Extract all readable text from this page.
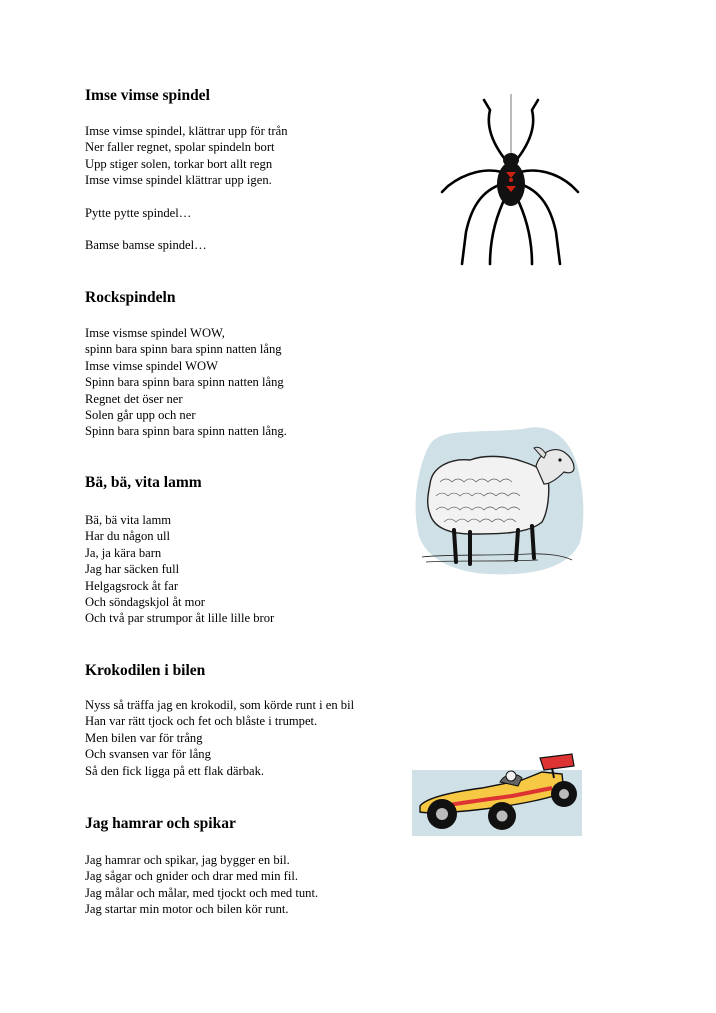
Imse vimse spindel
Imse vimse spindel, klättrar upp för trån
Ner faller regnet, spolar spindeln bort
Upp stiger solen, torkar bort allt regn
Imse vimse spindel klättrar upp igen.
Pytte pytte spindel…
Bamse bamse spindel…
Rockspindeln
Imse vismse spindel WOW,
spinn bara spinn bara spinn natten lång
Imse vimse spindel WOW
Spinn bara spinn bara spinn natten lång
Regnet det öser ner
Solen går upp och ner
Spinn bara spinn bara spinn natten lång.
Bä, bä, vita lamm
Bä, bä vita lamm
Har du någon ull
Ja, ja kära barn
Jag har säcken full
Helgagsrock åt far
Och söndagskjol åt mor
Och två par strumpor åt lille lille bror
Krokodilen i bilen
Nyss så träffa jag en krokodil, som körde runt i en bil
Han var rätt tjock och fet och blåste i trumpet.
Men bilen var för trång
Och svansen var för lång
Så den fick ligga på ett flak därbak.
Jag hamrar och spikar
Jag hamrar och spikar, jag bygger en bil.
Jag sågar och gnider och drar med min fil.
Jag målar och målar, med tjockt och med tunt.
Jag startar min motor och bilen kör runt.
